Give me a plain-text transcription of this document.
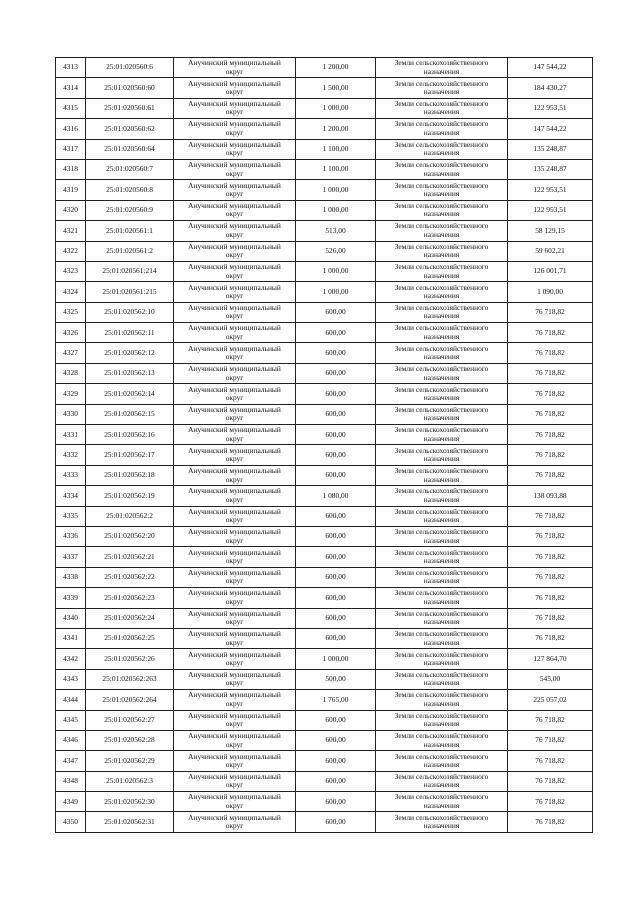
4313	25:01:020560:6	Анучинский муниципальный
округ	1 200,00	Земли сельскохозяйственного
назначения	147 544,22
4314	25:01:020560:60	Анучинский муниципальный
округ	1 500,00	Земли сельскохозяйственного
назначения	184 430,27
4315	25:01:020560:61	Анучинский муниципальный
округ	1 000,00	Земли сельскохозяйственного
назначения	122 953,51
4316	25:01:020560:62	Анучинский муниципальный
округ	1 200,00	Земли сельскохозяйственного
назначения	147 544,22
4317	25:01:020560:64	Анучинский муниципальный
округ	1 100,00	Земли сельскохозяйственного
назначения	135 248,87
4318	25:01:020560:7	Анучинский муниципальный
округ	1 100,00	Земли сельскохозяйственного
назначения	135 248,87
4319	25:01:020560:8	Анучинский муниципальный
округ	1 000,00	Земли сельскохозяйственного
назначения	122 953,51
4320	25:01:020560:9	Анучинский муниципальный
округ	1 000,00	Земли сельскохозяйственного
назначения	122 953,51
4321	25:01:020561:1	Анучинский муниципальный
округ	513,00	Земли сельскохозяйственного
назначения	58 129,15
4322	25:01:020561:2	Анучинский муниципальный
округ	526,00	Земли сельскохозяйственного
назначения	59 602,21
4323	25:01:020561:214	Анучинский муниципальный
округ	1 000,00	Земли сельскохозяйственного
назначения	126 001,71
4324	25:01:020561:215	Анучинский муниципальный
округ	1 000,00	Земли сельскохозяйственного
назначения	1 090,00
4325	25:01:020562:10	Анучинский муниципальный
округ	600,00	Земли сельскохозяйственного
назначения	76 718,82
4326	25:01:020562:11	Анучинский муниципальный
округ	600,00	Земли сельскохозяйственного
назначения	76 718,82
4327	25:01:020562:12	Анучинский муниципальный
округ	600,00	Земли сельскохозяйственного
назначения	76 718,82
4328	25:01:020562:13	Анучинский муниципальный
округ	600,00	Земли сельскохозяйственного
назначения	76 718,82
4329	25:01:020562:14	Анучинский муниципальный
округ	600,00	Земли сельскохозяйственного
назначения	76 718,82
4330	25:01:020562:15	Анучинский муниципальный
округ	600,00	Земли сельскохозяйственного
назначения	76 718,82
4331	25:01:020562:16	Анучинский муниципальный
округ	600,00	Земли сельскохозяйственного
назначения	76 718,82
4332	25:01:020562:17	Анучинский муниципальный
округ	600,00	Земли сельскохозяйственного
назначения	76 718,82
4333	25:01:020562:18	Анучинский муниципальный
округ	600,00	Земли сельскохозяйственного
назначения	76 718,82
4334	25:01:020562:19	Анучинский муниципальный
округ	1 080,00	Земли сельскохозяйственного
назначения	138 093,88
4335	25:01:020562:2	Анучинский муниципальный
округ	600,00	Земли сельскохозяйственного
назначения	76 718,82
4336	25:01:020562:20	Анучинский муниципальный
округ	600,00	Земли сельскохозяйственного
назначения	76 718,82
4337	25:01:020562:21	Анучинский муниципальный
округ	600,00	Земли сельскохозяйственного
назначения	76 718,82
4338	25:01:020562:22	Анучинский муниципальный
округ	600,00	Земли сельскохозяйственного
назначения	76 718,82
4339	25:01:020562:23	Анучинский муниципальный
округ	600,00	Земли сельскохозяйственного
назначения	76 718,82
4340	25:01:020562:24	Анучинский муниципальный
округ	600,00	Земли сельскохозяйственного
назначения	76 718,82
4341	25:01:020562:25	Анучинский муниципальный
округ	600,00	Земли сельскохозяйственного
назначения	76 718,82
4342	25:01:020562:26	Анучинский муниципальный
округ	1 000,00	Земли сельскохозяйственного
назначения	127 864,70
4343	25:01:020562:263	Анучинский муниципальный
округ	500,00	Земли сельскохозяйственного
назначения	545,00
4344	25:01:020562:264	Анучинский муниципальный
округ	1 765,00	Земли сельскохозяйственного
назначения	225 057,02
4345	25:01:020562:27	Анучинский муниципальный
округ	600,00	Земли сельскохозяйственного
назначения	76 718,82
4346	25:01:020562:28	Анучинский муниципальный
округ	600,00	Земли сельскохозяйственного
назначения	76 718,82
4347	25:01:020562:29	Анучинский муниципальный
округ	600,00	Земли сельскохозяйственного
назначения	76 718,82
4348	25:01:020562:3	Анучинский муниципальный
округ	600,00	Земли сельскохозяйственного
назначения	76 718,82
4349	25:01:020562:30	Анучинский муниципальный
округ	600,00	Земли сельскохозяйственного
назначения	76 718,82
4350	25:01:020562:31	Анучинский муниципальный
округ	600,00	Земли сельскохозяйственного
назначения	76 718,82
